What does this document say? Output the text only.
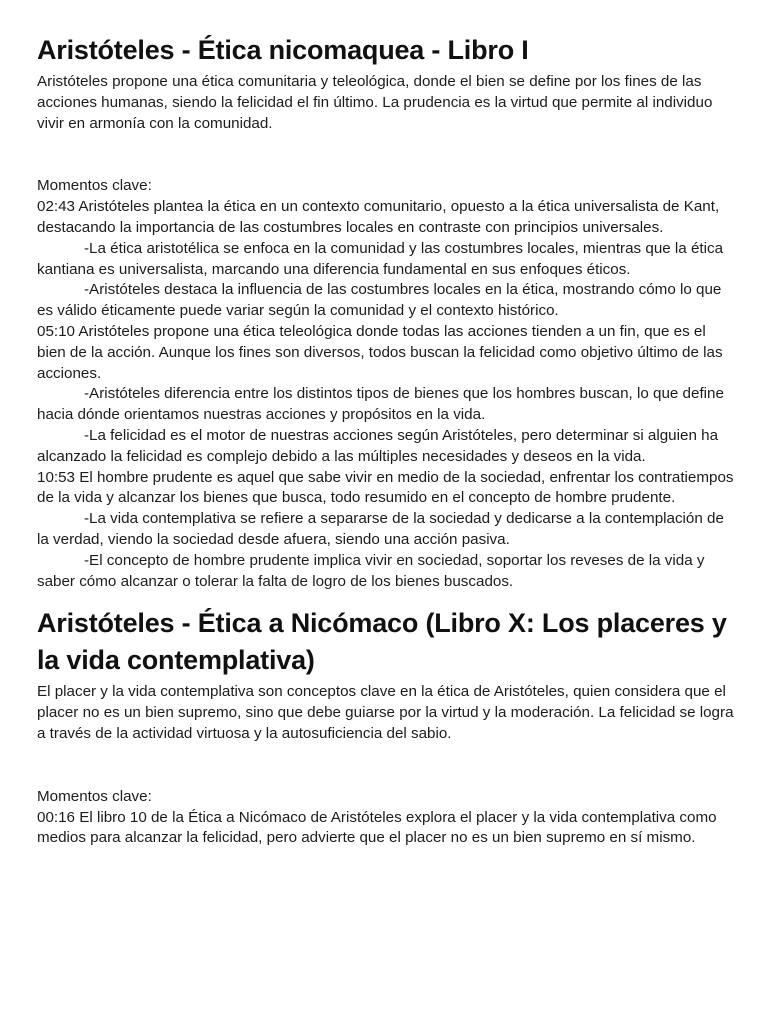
Aristóteles - Ética nicomaquea - Libro I

Aristóteles propone una ética comunitaria y teleológica, donde el bien se define por los fines de las acciones humanas, siendo la felicidad el fin último. La prudencia es la virtud que permite al individuo vivir en armonía con la comunidad.

Momentos clave:

02:43 Aristóteles plantea la ética en un contexto comunitario, opuesto a la ética universalista de Kant, destacando la importancia de las costumbres locales en contraste con principios universales.

-La ética aristotélica se enfoca en la comunidad y las costumbres locales, mientras que la ética kantiana es universalista, marcando una diferencia fundamental en sus enfoques éticos.

-Aristóteles destaca la influencia de las costumbres locales en la ética, mostrando cómo lo que es válido éticamente puede variar según la comunidad y el contexto histórico.

05:10 Aristóteles propone una ética teleológica donde todas las acciones tienden a un fin, que es el bien de la acción. Aunque los fines son diversos, todos buscan la felicidad como objetivo último de las acciones.

-Aristóteles diferencia entre los distintos tipos de bienes que los hombres buscan, lo que define hacia dónde orientamos nuestras acciones y propósitos en la vida.

-La felicidad es el motor de nuestras acciones según Aristóteles, pero determinar si alguien ha alcanzado la felicidad es complejo debido a las múltiples necesidades y deseos en la vida.

10:53 El hombre prudente es aquel que sabe vivir en medio de la sociedad, enfrentar los contratiempos de la vida y alcanzar los bienes que busca, todo resumido en el concepto de hombre prudente.

-La vida contemplativa se refiere a separarse de la sociedad y dedicarse a la contemplación de la verdad, viendo la sociedad desde afuera, siendo una acción pasiva.

-El concepto de hombre prudente implica vivir en sociedad, soportar los reveses de la vida y saber cómo alcanzar o tolerar la falta de logro de los bienes buscados.

Aristóteles - Ética a Nicómaco (Libro X: Los placeres y la vida contemplativa)

El placer y la vida contemplativa son conceptos clave en la ética de Aristóteles, quien considera que el placer no es un bien supremo, sino que debe guiarse por la virtud y la moderación. La felicidad se logra a través de la actividad virtuosa y la autosuficiencia del sabio.

Momentos clave:

00:16 El libro 10 de la Ética a Nicómaco de Aristóteles explora el placer y la vida contemplativa como medios para alcanzar la felicidad, pero advierte que el placer no es un bien supremo en sí mismo.
